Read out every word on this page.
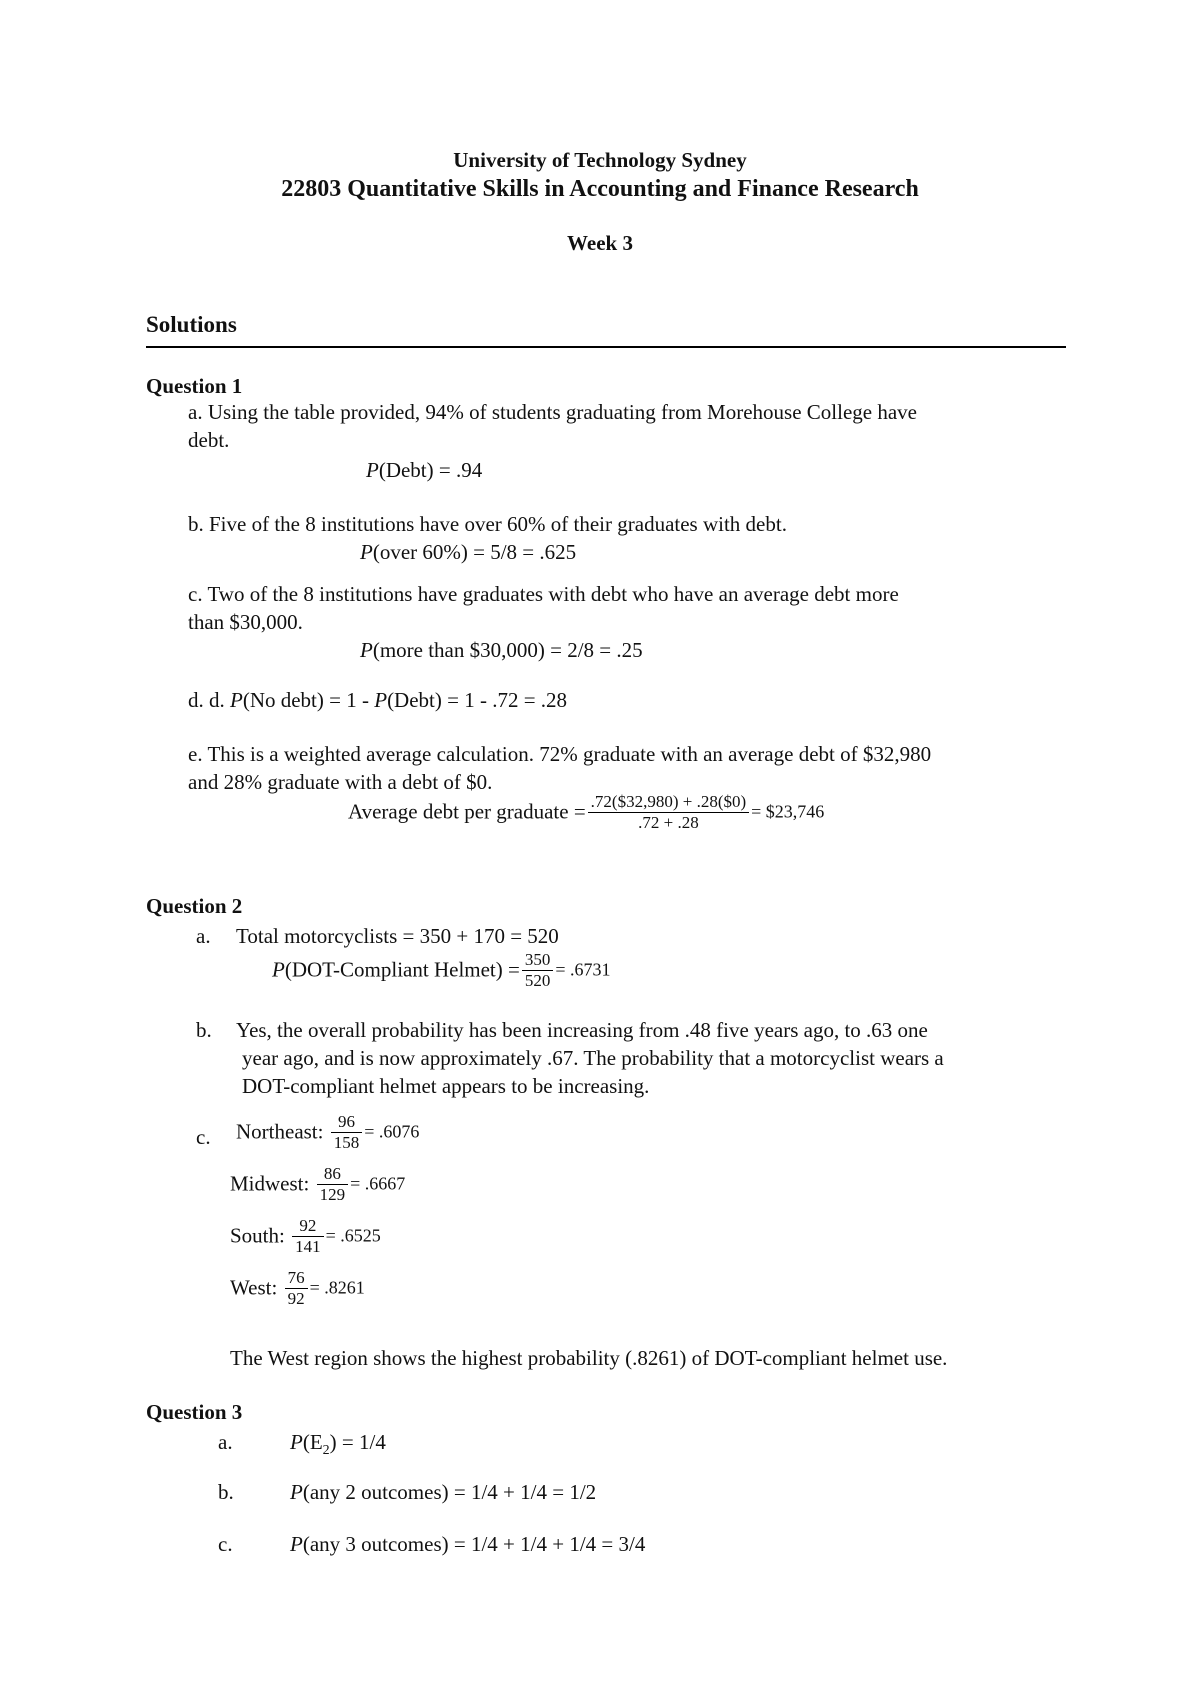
University of Technology Sydney
22803 Quantitative Skills in Accounting and Finance Research
Week 3
Solutions
Question 1
a. Using the table provided, 94% of students graduating from Morehouse College have
debt.
P(Debt) = .94
b. Five of the 8 institutions have over 60% of their graduates with debt.
P(over 60%) = 5/8 = .625
c. Two of the 8 institutions have graduates with debt who have an average debt more
than $30,000.
P(more than $30,000) = 2/8 = .25
d. d. P(No debt) = 1 - P(Debt) = 1 - .72 = .28
e. This is a weighted average calculation. 72% graduate with an average debt of $32,980
and 28% graduate with a debt of $0.
Average debt per graduate = $\frac{.72(\$32,980) + .28(\$0)}{.72 + .28}$ = $23,746
Question 2
a. Total motorcyclists = 350 + 170 = 520
P(DOT-Compliant Helmet) = $\frac{350}{520} = .6731$
b. Yes, the overall probability has been increasing from .48 five years ago, to .63 one
year ago, and is now approximately .67. The probability that a motorcyclist wears a
DOT-compliant helmet appears to be increasing.
c. Northeast: $\frac{96}{158} = .6076$
Midwest: $\frac{86}{129} = .6667$
South: $\frac{92}{141} = .6525$
West: $\frac{76}{92} = .8261$
The West region shows the highest probability (.8261) of DOT-compliant helmet use.
Question 3
a.	$P(E_2) = 1/4$
b.	P(any 2 outcomes) = 1/4 + 1/4 = 1/2
c.	P(any 3 outcomes) = 1/4 + 1/4 + 1/4 = 3/4
